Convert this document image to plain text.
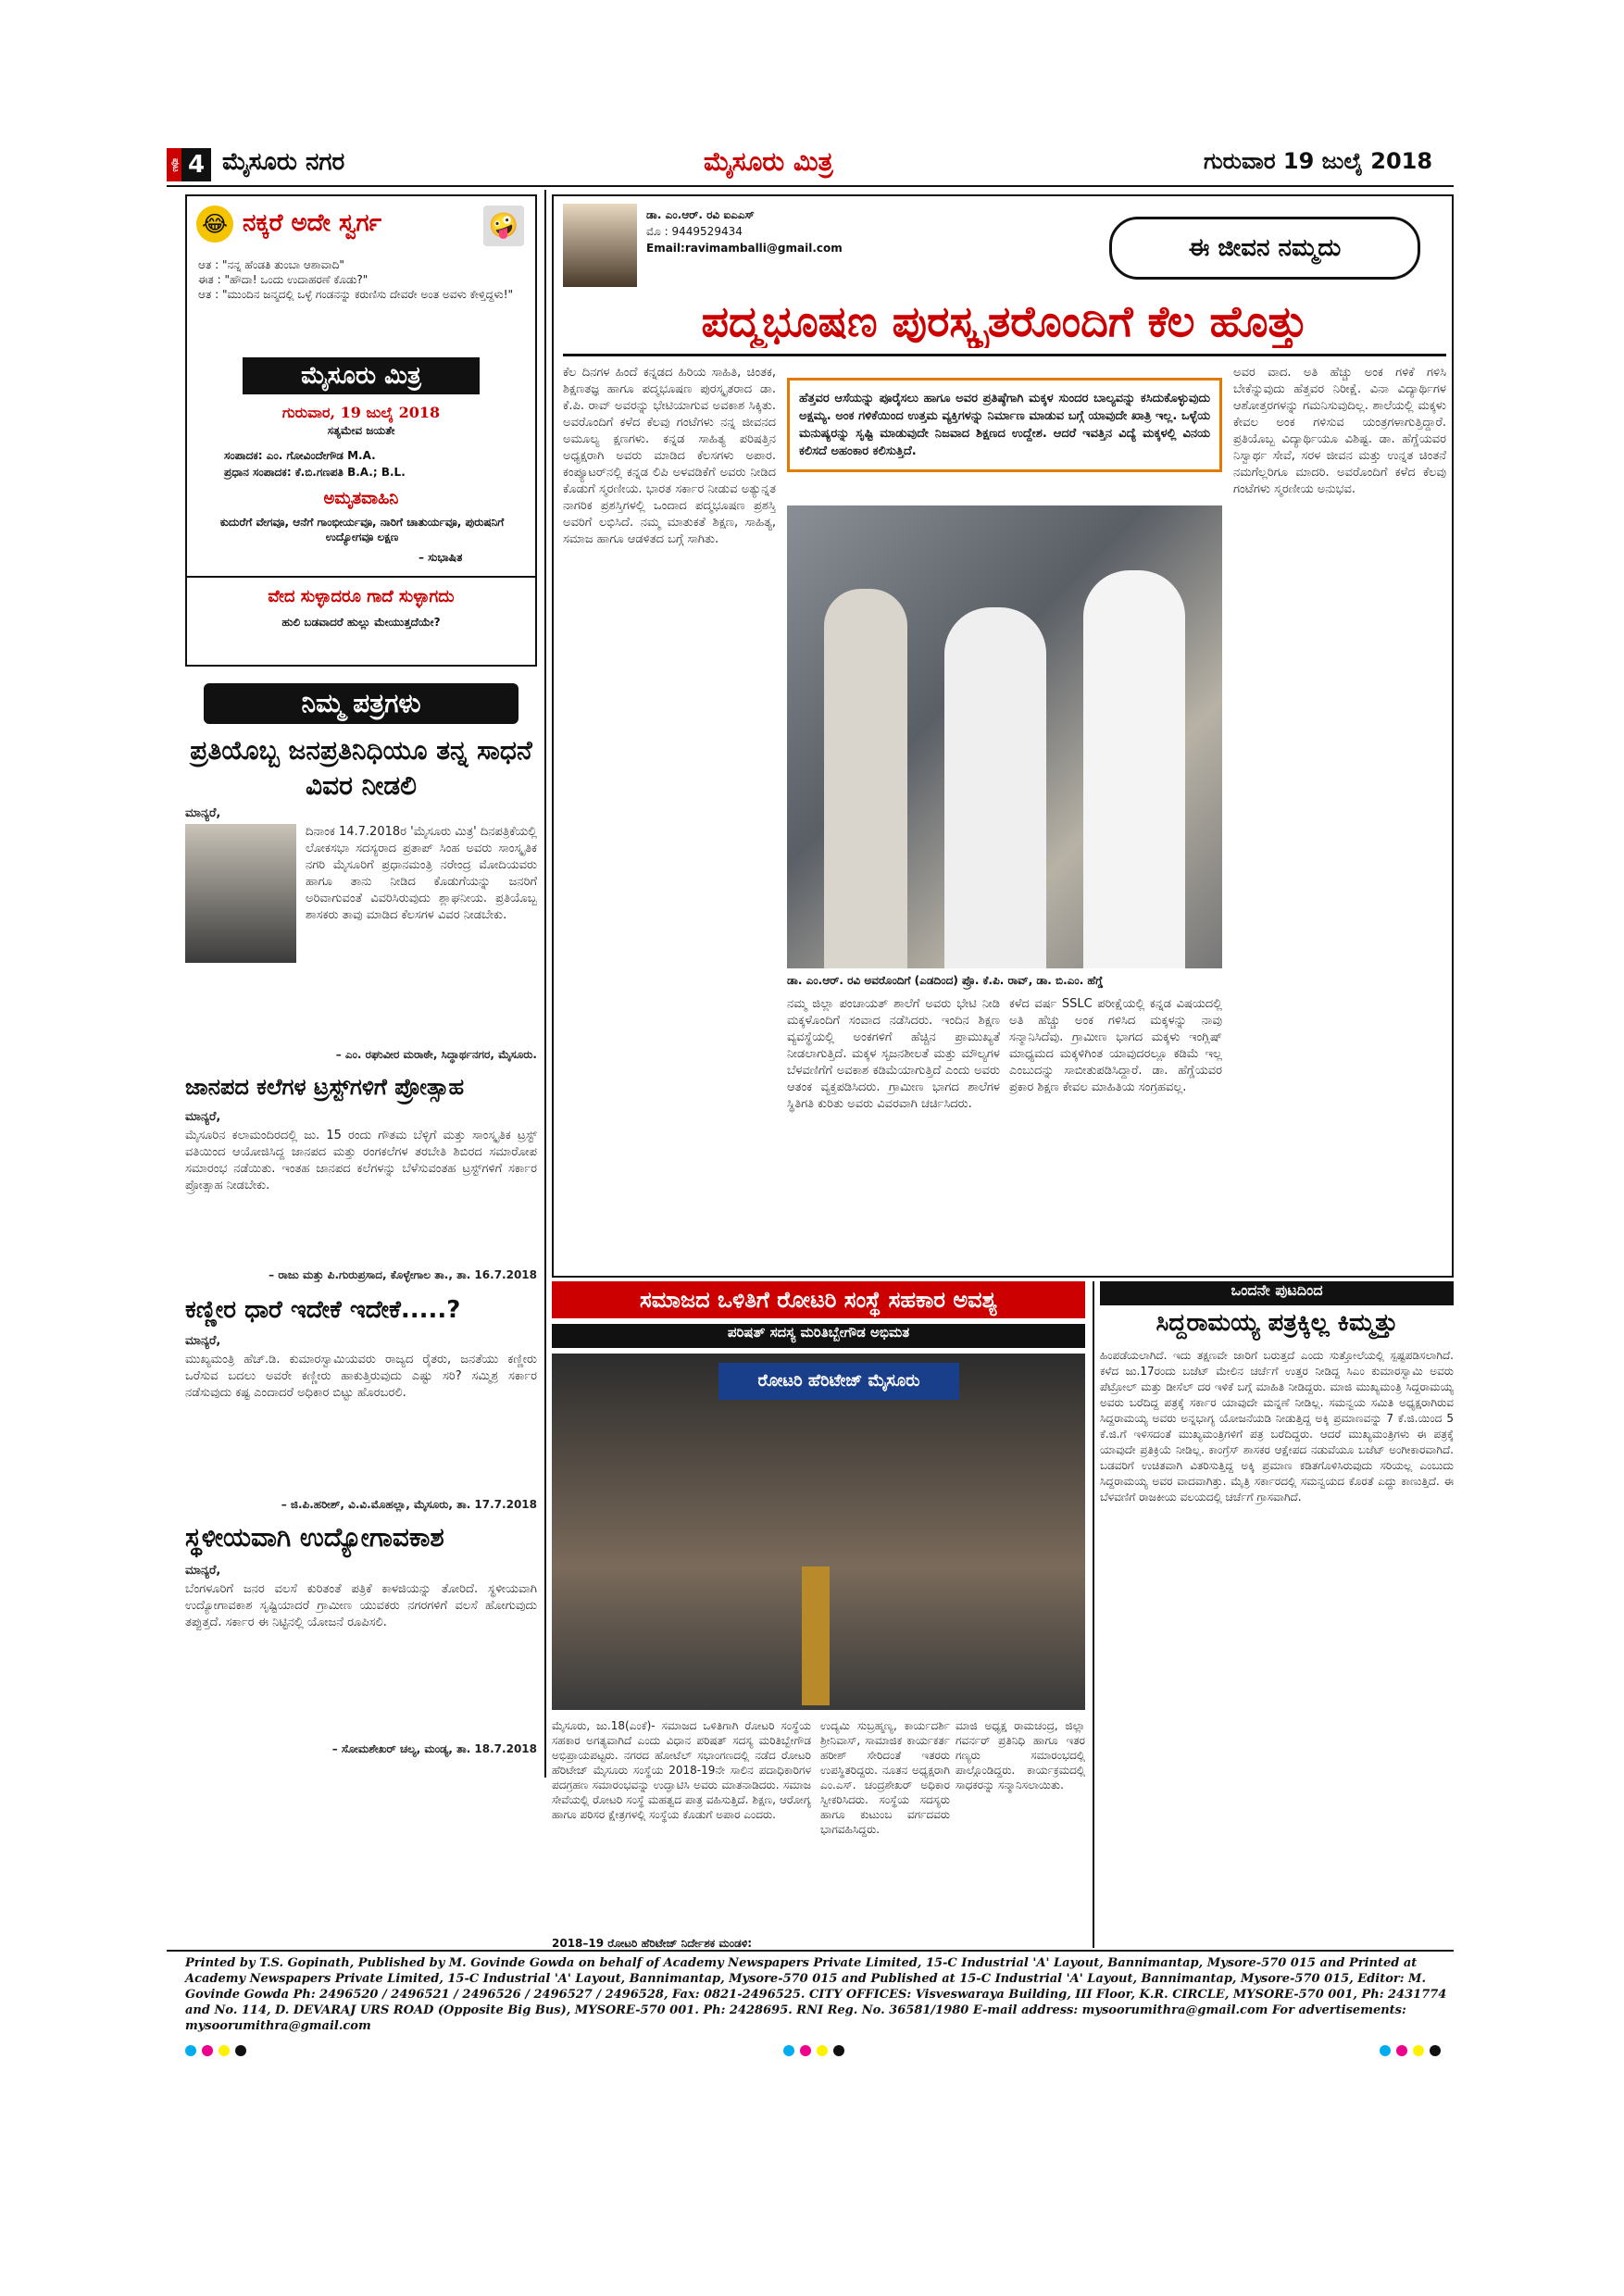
ಪುಟ 4 ಮೈಸೂರು ನಗರ	ಮೈಸೂರು ಮಿತ್ರ	ಗುರುವಾರ 19 ಜುಲೈ 2018
😂 ನಕ್ಕರೆ ಅದೇ ಸ್ವರ್ಗ	🤪
ಆತ : "ನನ್ನ ಹೆಂಡತಿ ತುಂಬಾ ಆಶಾವಾದಿ"
ಈತ : "ಹೌದಾ! ಒಂದು ಉದಾಹರಣೆ ಕೊಡು?"
ಆತ : "ಮುಂದಿನ ಜನ್ಮದಲ್ಲಿ ಒಳ್ಳೆ ಗಂಡನನ್ನು ಕರುಣಿಸು ದೇವರೇ ಅಂತ ಅವಳು ಕೇಳ್ತಿದ್ದಳು!"
ಮೈಸೂರು ಮಿತ್ರ
ಗುರುವಾರ, 19 ಜುಲೈ 2018
ಸತ್ಯಮೇವ ಜಯತೇ
ಸಂಪಾದಕ: ಎಂ. ಗೋವಿಂದೇಗೌಡ M.A.
ಪ್ರಧಾನ ಸಂಪಾದಕ: ಕೆ.ಬಿ.ಗಣಪತಿ B.A.; B.L.
ಅಮೃತವಾಹಿನಿ
ಕುದುರೆಗೆ ವೇಗವೂ, ಆನೆಗೆ ಗಾಂಭೀರ್ಯವೂ, ನಾರಿಗೆ ಚಾತುರ್ಯವೂ, ಪುರುಷನಿಗೆ ಉದ್ಯೋಗವೂ ಲಕ್ಷಣ
– ಸುಭಾಷಿತ
ವೇದ ಸುಳ್ಳಾದರೂ ಗಾದೆ ಸುಳ್ಳಾಗದು
ಹುಲಿ ಬಡವಾದರೆ ಹುಲ್ಲು ಮೇಯುತ್ತದೆಯೇ?
ನಿಮ್ಮ ಪತ್ರಗಳು
ಪ್ರತಿಯೊಬ್ಬ ಜನಪ್ರತಿನಿಧಿಯೂ ತನ್ನ ಸಾಧನೆ ವಿವರ ನೀಡಲಿ
ಮಾನ್ಯರೆ,
ದಿನಾಂಕ 14.7.2018ರ 'ಮೈಸೂರು ಮಿತ್ರ' ದಿನಪತ್ರಿಕೆಯಲ್ಲಿ ಲೋಕಸಭಾ ಸದಸ್ಯರಾದ ಪ್ರತಾಪ್ ಸಿಂಹ ಅವರು ಸಾಂಸ್ಕೃತಿಕ ನಗರಿ ಮೈಸೂರಿಗೆ ಪ್ರಧಾನಮಂತ್ರಿ ನರೇಂದ್ರ ಮೋದಿಯವರು ಹಾಗೂ ತಾನು ನೀಡಿದ ಕೊಡುಗೆಯನ್ನು ಜನರಿಗೆ ಅರಿವಾಗುವಂತೆ ವಿವರಿಸಿರುವುದು ಶ್ಲಾಘನೀಯ. ಪ್ರತಿಯೊಬ್ಬ ಶಾಸಕರು ತಾವು ಮಾಡಿದ ಕೆಲಸಗಳ ವಿವರ ನೀಡಬೇಕು.
– ಎಂ. ರಘುವೀರ ಮರಾಠೇ, ಸಿದ್ಧಾರ್ಥನಗರ, ಮೈಸೂರು.
ಜಾನಪದ ಕಲೆಗಳ ಟ್ರಸ್ಟ್‌ಗಳಿಗೆ ಪ್ರೋತ್ಸಾಹ
ಮಾನ್ಯರೆ,
ಮೈಸೂರಿನ ಕಲಾಮಂದಿರದಲ್ಲಿ ಜು. 15 ರಂದು ಗೌತಮ ಬೆಳ್ಳಿಗೆ ಮತ್ತು ಸಾಂಸ್ಕೃತಿಕ ಟ್ರಸ್ಟ್ ವತಿಯಿಂದ ಆಯೋಜಿಸಿದ್ದ ಜಾನಪದ ಮತ್ತು ರಂಗಕಲೆಗಳ ತರಬೇತಿ ಶಿಬಿರದ ಸಮಾರೋಪ ಸಮಾರಂಭ ನಡೆಯಿತು. ಇಂತಹ ಜಾನಪದ ಕಲೆಗಳನ್ನು ಬೆಳೆಸುವಂತಹ ಟ್ರಸ್ಟ್‌ಗಳಿಗೆ ಸರ್ಕಾರ ಪ್ರೋತ್ಸಾಹ ನೀಡಬೇಕು.
– ರಾಜು ಮತ್ತು ಪಿ.ಗುರುಪ್ರಸಾದ, ಕೊಳ್ಳೇಗಾಲ ತಾ., ತಾ. 16.7.2018
ಕಣ್ಣೀರ ಧಾರೆ ಇದೇಕೆ ಇದೇಕೆ.....?
ಮಾನ್ಯರೆ,
ಮುಖ್ಯಮಂತ್ರಿ ಹೆಚ್.ಡಿ. ಕುಮಾರಸ್ವಾಮಿಯವರು ರಾಜ್ಯದ ರೈತರು, ಜನತೆಯು ಕಣ್ಣೀರು ಒರೆಸುವ ಬದಲು ಅವರೇ ಕಣ್ಣೀರು ಹಾಕುತ್ತಿರುವುದು ಎಷ್ಟು ಸರಿ? ಸಮ್ಮಿಶ್ರ ಸರ್ಕಾರ ನಡೆಸುವುದು ಕಷ್ಟ ಎಂದಾದರೆ ಅಧಿಕಾರ ಬಿಟ್ಟು ಹೊರಬರಲಿ.
– ಜಿ.ಪಿ.ಹರೀಶ್, ವಿ.ವಿ.ಮೊಹಲ್ಲಾ, ಮೈಸೂರು, ತಾ. 17.7.2018
ಸ್ಥಳೀಯವಾಗಿ ಉದ್ಯೋಗಾವಕಾಶ
ಮಾನ್ಯರೆ,
ಬೆಂಗಳೂರಿಗೆ ಜನರ ವಲಸೆ ಕುರಿತಂತೆ ಪತ್ರಿಕೆ ಕಾಳಜಿಯನ್ನು ತೋರಿದೆ. ಸ್ಥಳೀಯವಾಗಿ ಉದ್ಯೋಗಾವಕಾಶ ಸೃಷ್ಟಿಯಾದರೆ ಗ್ರಾಮೀಣ ಯುವಕರು ನಗರಗಳಿಗೆ ವಲಸೆ ಹೋಗುವುದು ತಪ್ಪುತ್ತದೆ. ಸರ್ಕಾರ ಈ ನಿಟ್ಟಿನಲ್ಲಿ ಯೋಜನೆ ರೂಪಿಸಲಿ.
– ಸೋಮಶೇಖರ್ ಚಲ್ಯ, ಮಂಡ್ಯ, ತಾ. 18.7.2018
ಡಾ. ಎಂ.ಆರ್. ರವಿ ಐಎಎಸ್
ಮೊ : 9449529434
Email:ravimamballi@gmail.com	ಈ ಜೀವನ ನಮ್ಮದು
ಪದ್ಮಭೂಷಣ ಪುರಸ್ಕೃತರೊಂದಿಗೆ ಕೆಲ ಹೊತ್ತು
ಕೆಲ ದಿನಗಳ ಹಿಂದೆ ಕನ್ನಡದ ಹಿರಿಯ ಸಾಹಿತಿ, ಚಿಂತಕ, ಶಿಕ್ಷಣತಜ್ಞ ಹಾಗೂ ಪದ್ಮಭೂಷಣ ಪುರಸ್ಕೃತರಾದ ಡಾ. ಕೆ.ಪಿ. ರಾವ್ ಅವರನ್ನು ಭೇಟಿಯಾಗುವ ಅವಕಾಶ ಸಿಕ್ಕಿತು. ಅವರೊಂದಿಗೆ ಕಳೆದ ಕೆಲವು ಗಂಟೆಗಳು ನನ್ನ ಜೀವನದ ಅಮೂಲ್ಯ ಕ್ಷಣಗಳು. ಕನ್ನಡ ಸಾಹಿತ್ಯ ಪರಿಷತ್ತಿನ ಅಧ್ಯಕ್ಷರಾಗಿ ಅವರು ಮಾಡಿದ ಕೆಲಸಗಳು ಅಪಾರ. ಕಂಪ್ಯೂಟರ್‌ನಲ್ಲಿ ಕನ್ನಡ ಲಿಪಿ ಅಳವಡಿಕೆಗೆ ಅವರು ನೀಡಿದ ಕೊಡುಗೆ ಸ್ಮರಣೀಯ. ಭಾರತ ಸರ್ಕಾರ ನೀಡುವ ಅತ್ಯುನ್ನತ ನಾಗರಿಕ ಪ್ರಶಸ್ತಿಗಳಲ್ಲಿ ಒಂದಾದ ಪದ್ಮಭೂಷಣ ಪ್ರಶಸ್ತಿ ಅವರಿಗೆ ಲಭಿಸಿದೆ. ನಮ್ಮ ಮಾತುಕತೆ ಶಿಕ್ಷಣ, ಸಾಹಿತ್ಯ, ಸಮಾಜ ಹಾಗೂ ಆಡಳಿತದ ಬಗ್ಗೆ ಸಾಗಿತು.
ಹೆತ್ತವರ ಆಸೆಯನ್ನು ಪೂರೈಸಲು ಹಾಗೂ ಅವರ ಪ್ರತಿಷ್ಠೆಗಾಗಿ ಮಕ್ಕಳ ಸುಂದರ ಬಾಲ್ಯವನ್ನು ಕಸಿದುಕೊಳ್ಳುವುದು ಅಕ್ಷಮ್ಯ. ಅಂಕ ಗಳಿಕೆಯಿಂದ ಉತ್ತಮ ವ್ಯಕ್ತಿಗಳನ್ನು ನಿರ್ಮಾಣ ಮಾಡುವ ಬಗ್ಗೆ ಯಾವುದೇ ಖಾತ್ರಿ ಇಲ್ಲ. ಒಳ್ಳೆಯ ಮನುಷ್ಯರನ್ನು ಸೃಷ್ಟಿ ಮಾಡುವುದೇ ನಿಜವಾದ ಶಿಕ್ಷಣದ ಉದ್ದೇಶ. ಆದರೆ ಇವತ್ತಿನ ವಿದ್ಯೆ ಮಕ್ಕಳಲ್ಲಿ ವಿನಯ ಕಲಿಸದೆ ಅಹಂಕಾರ ಕಲಿಸುತ್ತಿದೆ.
ಡಾ. ಎಂ.ಆರ್. ರವಿ ಅವರೊಂದಿಗೆ (ಎಡದಿಂದ) ಪ್ರೊ. ಕೆ.ಪಿ. ರಾವ್, ಡಾ. ಬಿ.ಎಂ. ಹೆಗ್ಡೆ
ನಮ್ಮ ಜಿಲ್ಲಾ ಪಂಚಾಯತ್ ಶಾಲೆಗೆ ಅವರು ಭೇಟಿ ನೀಡಿ ಮಕ್ಕಳೊಂದಿಗೆ ಸಂವಾದ ನಡೆಸಿದರು. ಇಂದಿನ ಶಿಕ್ಷಣ ವ್ಯವಸ್ಥೆಯಲ್ಲಿ ಅಂಕಗಳಿಗೆ ಹೆಚ್ಚಿನ ಪ್ರಾಮುಖ್ಯತೆ ನೀಡಲಾಗುತ್ತಿದೆ. ಮಕ್ಕಳ ಸೃಜನಶೀಲತೆ ಮತ್ತು ಮೌಲ್ಯಗಳ ಬೆಳವಣಿಗೆಗೆ ಅವಕಾಶ ಕಡಿಮೆಯಾಗುತ್ತಿದೆ ಎಂದು ಅವರು ಆತಂಕ ವ್ಯಕ್ತಪಡಿಸಿದರು. ಗ್ರಾಮೀಣ ಭಾಗದ ಶಾಲೆಗಳ ಸ್ಥಿತಿಗತಿ ಕುರಿತು ಅವರು ವಿವರವಾಗಿ ಚರ್ಚಿಸಿದರು.
ಕಳೆದ ವರ್ಷ SSLC ಪರೀಕ್ಷೆಯಲ್ಲಿ ಕನ್ನಡ ವಿಷಯದಲ್ಲಿ ಅತಿ ಹೆಚ್ಚು ಅಂಕ ಗಳಿಸಿದ ಮಕ್ಕಳನ್ನು ನಾವು ಸನ್ಮಾನಿಸಿದೆವು. ಗ್ರಾಮೀಣ ಭಾಗದ ಮಕ್ಕಳು ಇಂಗ್ಲಿಷ್ ಮಾಧ್ಯಮದ ಮಕ್ಕಳಿಗಿಂತ ಯಾವುದರಲ್ಲೂ ಕಡಿಮೆ ಇಲ್ಲ ಎಂಬುದನ್ನು ಸಾಬೀತುಪಡಿಸಿದ್ದಾರೆ. ಡಾ. ಹೆಗ್ಡೆಯವರ ಪ್ರಕಾರ ಶಿಕ್ಷಣ ಕೇವಲ ಮಾಹಿತಿಯ ಸಂಗ್ರಹವಲ್ಲ.
ಅವರ ವಾದ. ಅತಿ ಹೆಚ್ಚು ಅಂಕ ಗಳಿಕೆ ಗಳಿಸಿ ಬೇಕೆನ್ನುವುದು ಹೆತ್ತವರ ನಿರೀಕ್ಷೆ. ವಿನಾ ವಿದ್ಯಾರ್ಥಿಗಳ ಆಶೋತ್ತರಗಳನ್ನು ಗಮನಿಸುವುದಿಲ್ಲ. ಶಾಲೆಯಲ್ಲಿ ಮಕ್ಕಳು ಕೇವಲ ಅಂಕ ಗಳಿಸುವ ಯಂತ್ರಗಳಾಗುತ್ತಿದ್ದಾರೆ. ಪ್ರತಿಯೊಬ್ಬ ವಿದ್ಯಾರ್ಥಿಯೂ ವಿಶಿಷ್ಟ. ಡಾ. ಹೆಗ್ಡೆಯವರ ನಿಸ್ವಾರ್ಥ ಸೇವೆ, ಸರಳ ಜೀವನ ಮತ್ತು ಉನ್ನತ ಚಿಂತನೆ ನಮಗೆಲ್ಲರಿಗೂ ಮಾದರಿ. ಅವರೊಂದಿಗೆ ಕಳೆದ ಕೆಲವು ಗಂಟೆಗಳು ಸ್ಮರಣೀಯ ಅನುಭವ.
ಸಮಾಜದ ಒಳಿತಿಗೆ ರೋಟರಿ ಸಂಸ್ಥೆ ಸಹಕಾರ ಅವಶ್ಯ
ಪರಿಷತ್ ಸದಸ್ಯ ಮರಿತಿಬ್ಬೇಗೌಡ ಅಭಿಮತ
ರೋಟರಿ ಹೆರಿಟೇಜ್ ಮೈಸೂರು
ಮೈಸೂರು, ಜು.18(ಎಂಕೆ)- ಸಮಾಜದ ಒಳಿತಿಗಾಗಿ ರೋಟರಿ ಸಂಸ್ಥೆಯ ಸಹಕಾರ ಅಗತ್ಯವಾಗಿದೆ ಎಂದು ವಿಧಾನ ಪರಿಷತ್ ಸದಸ್ಯ ಮರಿತಿಬ್ಬೇಗೌಡ ಅಭಿಪ್ರಾಯಪಟ್ಟರು. ನಗರದ ಹೋಟೆಲ್ ಸಭಾಂಗಣದಲ್ಲಿ ನಡೆದ ರೋಟರಿ ಹೆರಿಟೇಜ್ ಮೈಸೂರು ಸಂಸ್ಥೆಯ 2018-19ನೇ ಸಾಲಿನ ಪದಾಧಿಕಾರಿಗಳ ಪದಗ್ರಹಣ ಸಮಾರಂಭವನ್ನು ಉದ್ಘಾಟಿಸಿ ಅವರು ಮಾತನಾಡಿದರು. ಸಮಾಜ ಸೇವೆಯಲ್ಲಿ ರೋಟರಿ ಸಂಸ್ಥೆ ಮಹತ್ವದ ಪಾತ್ರ ವಹಿಸುತ್ತಿದೆ. ಶಿಕ್ಷಣ, ಆರೋಗ್ಯ ಹಾಗೂ ಪರಿಸರ ಕ್ಷೇತ್ರಗಳಲ್ಲಿ ಸಂಸ್ಥೆಯ ಕೊಡುಗೆ ಅಪಾರ ಎಂದರು.
ಉದ್ಯಮಿ ಸುಬ್ರಹ್ಮಣ್ಯ, ಕಾರ್ಯದರ್ಶಿ ಶ್ರೀನಿವಾಸ್, ಸಾಮಾಜಿಕ ಕಾರ್ಯಕರ್ತ ಹರೀಶ್ ಸೇರಿದಂತೆ ಇತರರು ಉಪಸ್ಥಿತರಿದ್ದರು. ನೂತನ ಅಧ್ಯಕ್ಷರಾಗಿ ಎಂ.ಎಸ್. ಚಂದ್ರಶೇಖರ್ ಅಧಿಕಾರ ಸ್ವೀಕರಿಸಿದರು. ಸಂಸ್ಥೆಯ ಸದಸ್ಯರು ಹಾಗೂ ಕುಟುಂಬ ವರ್ಗದವರು ಭಾಗವಹಿಸಿದ್ದರು.
ಮಾಜಿ ಅಧ್ಯಕ್ಷ ರಾಮಚಂದ್ರ, ಜಿಲ್ಲಾ ಗವರ್ನರ್ ಪ್ರತಿನಿಧಿ ಹಾಗೂ ಇತರ ಗಣ್ಯರು ಸಮಾರಂಭದಲ್ಲಿ ಪಾಲ್ಗೊಂಡಿದ್ದರು. ಕಾರ್ಯಕ್ರಮದಲ್ಲಿ ಸಾಧಕರನ್ನು ಸನ್ಮಾನಿಸಲಾಯಿತು.
2018–19 ರೋಟರಿ ಹೆರಿಟೇಜ್ ನಿರ್ದೇಶಕ ಮಂಡಳಿ:
ಒಂದನೇ ಪುಟದಿಂದ
ಸಿದ್ದರಾಮಯ್ಯ ಪತ್ರಕ್ಕಿಲ್ಲ ಕಿಮ್ಮತ್ತು
ಹಿಂಪಡೆಯಲಾಗಿದೆ. ಇದು ತಕ್ಷಣವೇ ಜಾರಿಗೆ ಬರುತ್ತದೆ ಎಂದು ಸುತ್ತೋಲೆಯಲ್ಲಿ ಸ್ಪಷ್ಟಪಡಿಸಲಾಗಿದೆ. ಕಳೆದ ಜು.17ರಂದು ಬಜೆಟ್ ಮೇಲಿನ ಚರ್ಚೆಗೆ ಉತ್ತರ ನೀಡಿದ್ದ ಸಿಎಂ ಕುಮಾರಸ್ವಾಮಿ ಅವರು ಪೆಟ್ರೋಲ್ ಮತ್ತು ಡೀಸೆಲ್ ದರ ಇಳಿಕೆ ಬಗ್ಗೆ ಮಾಹಿತಿ ನೀಡಿದ್ದರು. ಮಾಜಿ ಮುಖ್ಯಮಂತ್ರಿ ಸಿದ್ದರಾಮಯ್ಯ ಅವರು ಬರೆದಿದ್ದ ಪತ್ರಕ್ಕೆ ಸರ್ಕಾರ ಯಾವುದೇ ಮನ್ನಣೆ ನೀಡಿಲ್ಲ. ಸಮನ್ವಯ ಸಮಿತಿ ಅಧ್ಯಕ್ಷರಾಗಿರುವ ಸಿದ್ದರಾಮಯ್ಯ ಅವರು ಅನ್ನಭಾಗ್ಯ ಯೋಜನೆಯಡಿ ನೀಡುತ್ತಿದ್ದ ಅಕ್ಕಿ ಪ್ರಮಾಣವನ್ನು 7 ಕೆ.ಜಿ.ಯಿಂದ 5 ಕೆ.ಜಿ.ಗೆ ಇಳಿಸದಂತೆ ಮುಖ್ಯಮಂತ್ರಿಗಳಿಗೆ ಪತ್ರ ಬರೆದಿದ್ದರು. ಆದರೆ ಮುಖ್ಯಮಂತ್ರಿಗಳು ಈ ಪತ್ರಕ್ಕೆ ಯಾವುದೇ ಪ್ರತಿಕ್ರಿಯೆ ನೀಡಿಲ್ಲ. ಕಾಂಗ್ರೆಸ್ ಶಾಸಕರ ಆಕ್ಷೇಪದ ನಡುವೆಯೂ ಬಜೆಟ್ ಅಂಗೀಕಾರವಾಗಿದೆ. ಬಡವರಿಗೆ ಉಚಿತವಾಗಿ ವಿತರಿಸುತ್ತಿದ್ದ ಅಕ್ಕಿ ಪ್ರಮಾಣ ಕಡಿತಗೊಳಿಸಿರುವುದು ಸರಿಯಲ್ಲ ಎಂಬುದು ಸಿದ್ದರಾಮಯ್ಯ ಅವರ ವಾದವಾಗಿತ್ತು. ಮೈತ್ರಿ ಸರ್ಕಾರದಲ್ಲಿ ಸಮನ್ವಯದ ಕೊರತೆ ಎದ್ದು ಕಾಣುತ್ತಿದೆ. ಈ ಬೆಳವಣಿಗೆ ರಾಜಕೀಯ ವಲಯದಲ್ಲಿ ಚರ್ಚೆಗೆ ಗ್ರಾಸವಾಗಿದೆ.
Printed by T.S. Gopinath, Published by M. Govinde Gowda on behalf of Academy Newspapers Private Limited, 15-C Industrial 'A' Layout, Bannimantap, Mysore-570 015 and Printed at Academy Newspapers Private Limited, 15-C Industrial 'A' Layout, Bannimantap, Mysore-570 015 and Published at 15-C Industrial 'A' Layout, Bannimantap, Mysore-570 015, Editor: M. Govinde Gowda Ph: 2496520 / 2496521 / 2496526 / 2496527 / 2496528, Fax: 0821-2496525. CITY OFFICES: Visveswaraya Building, III Floor, K.R. CIRCLE, MYSORE-570 001, Ph: 2431774 and No. 114, D. DEVARAJ URS ROAD (Opposite Big Bus), MYSORE-570 001. Ph: 2428695. RNI Reg. No. 36581/1980 E-mail address: mysoorumithra@gmail.com For advertisements: mysoorumithra@gmail.com
